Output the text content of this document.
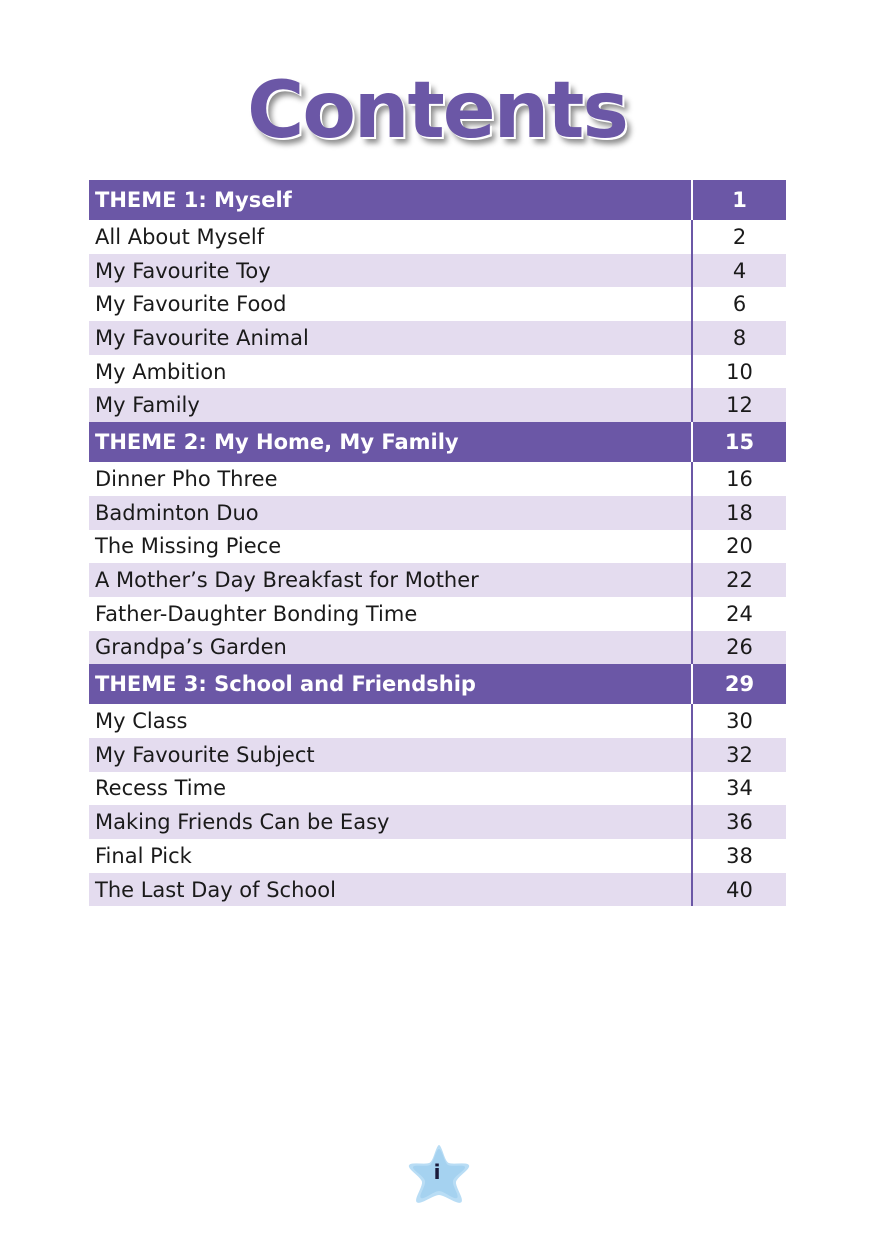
Contents
THEME 1: Myself	1
All About Myself	2
My Favourite Toy	4
My Favourite Food	6
My Favourite Animal	8
My Ambition	10
My Family	12
THEME 2: My Home, My Family	15
Dinner Pho Three	16
Badminton Duo	18
The Missing Piece	20
A Mother’s Day Breakfast for Mother	22
Father-Daughter Bonding Time	24
Grandpa’s Garden	26
THEME 3: School and Friendship	29
My Class	30
My Favourite Subject	32
Recess Time	34
Making Friends Can be Easy	36
Final Pick	38
The Last Day of School	40
i
